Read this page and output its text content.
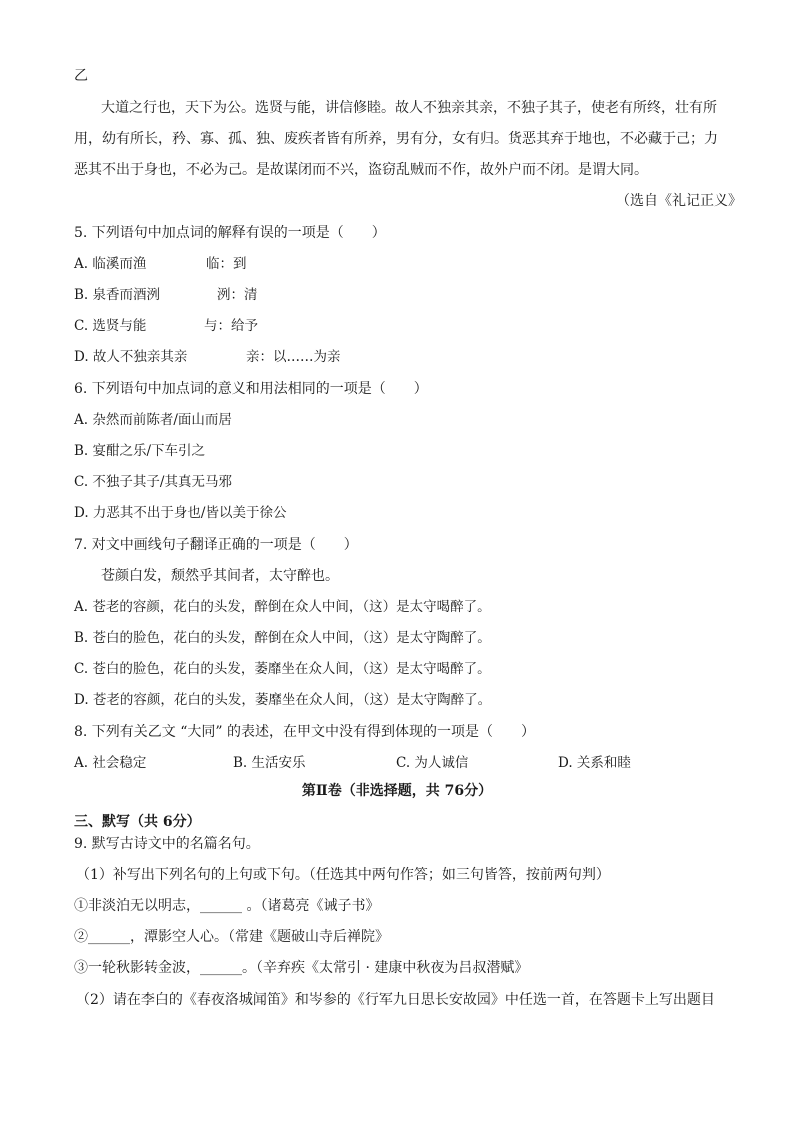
乙
大道之行也，天下为公。选贤与能，讲信修睦。故人不独亲其亲，不独子其子，使老有所终，壮有所
用，幼有所长，矜、寡、孤、独、废疾者皆有所养，男有分，女有归。货恶其弃于地也，不必藏于己；力
恶其不出于身也，不必为己。是故谋闭而不兴，盗窃乱贼而不作，故外户而不闭。是谓大同。
（选自《礼记正义》
5. 下列语句中加点词的解释有误的一项是（　　）
A. 临溪而渔	临：到
B. 泉香而酒洌	洌：清
C. 选贤与能	与：给予
D. 故人不独亲其亲	亲：以……为亲
6. 下列语句中加点词的意义和用法相同的一项是（　　）
A. 杂然而前陈者/面山而居
B. 宴酣之乐/下车引之
C. 不独子其子/其真无马邪
D. 力恶其不出于身也/皆以美于徐公
7. 对文中画线句子翻译正确的一项是（　　）
苍颜白发，颓然乎其间者，太守醉也。
A. 苍老的容颜，花白的头发，醉倒在众人中间，（这）是太守喝醉了。
B. 苍白的脸色，花白的头发，醉倒在众人中间，（这）是太守陶醉了。
C. 苍白的脸色，花白的头发，萎靡坐在众人间，（这）是太守喝醉了。
D. 苍老的容颜，花白的头发，萎靡坐在众人间，（这）是太守陶醉了。
8. 下列有关乙文 “大同” 的表述，在甲文中没有得到体现的一项是（　　）
A. 社会稳定	B. 生活安乐	C. 为人诚信	D. 关系和睦
第Ⅱ卷（非选择题，共 76分）
三、默写（共 6分）
9. 默写古诗文中的名篇名句。
（1）补写出下列名句的上句或下句。（任选其中两句作答；如三句皆答，按前两句判）
①非淡泊无以明志，______ 。（诸葛亮《诫子书》
②______，潭影空人心。（常建《题破山寺后禅院》
③一轮秋影转金波，______。（辛弃疾《太常引 · 建康中秋夜为吕叔潜赋》
（2）请在李白的《春夜洛城闻笛》和岑参的《行军九日思长安故园》中任选一首，在答题卡上写出题目
